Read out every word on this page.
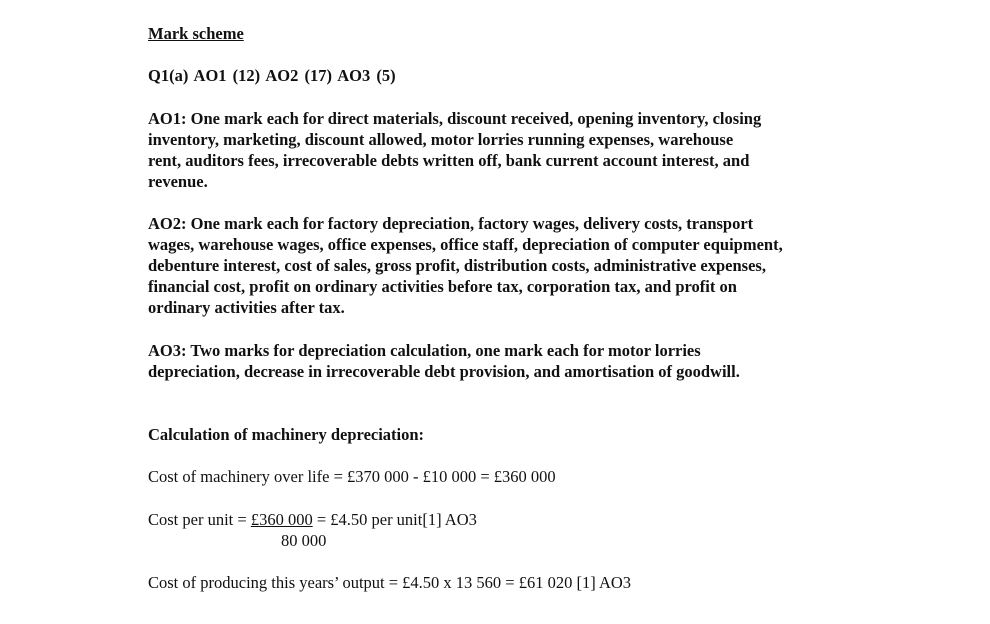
Mark scheme
Q1(a) AO1 (12) AO2 (17) AO3 (5)
AO1: One mark each for direct materials, discount received, opening inventory, closing
inventory, marketing, discount allowed, motor lorries running expenses, warehouse
rent, auditors fees, irrecoverable debts written off, bank current account interest, and
revenue.
AO2: One mark each for factory depreciation, factory wages, delivery costs, transport
wages, warehouse wages, office expenses, office staff, depreciation of computer equipment,
debenture interest, cost of sales, gross profit, distribution costs, administrative expenses,
financial cost, profit on ordinary activities before tax, corporation tax, and profit on
ordinary activities after tax.
AO3: Two marks for depreciation calculation, one mark each for motor lorries
depreciation, decrease in irrecoverable debt provision, and amortisation of goodwill.
Calculation of machinery depreciation:
Cost of machinery over life = £370 000 - £10 000 = £360 000
Cost per unit = £360 000 = £4.50 per unit[1] AO3
80 000
Cost of producing this years’ output = £4.50 x 13 560 = £61 020 [1] AO3
